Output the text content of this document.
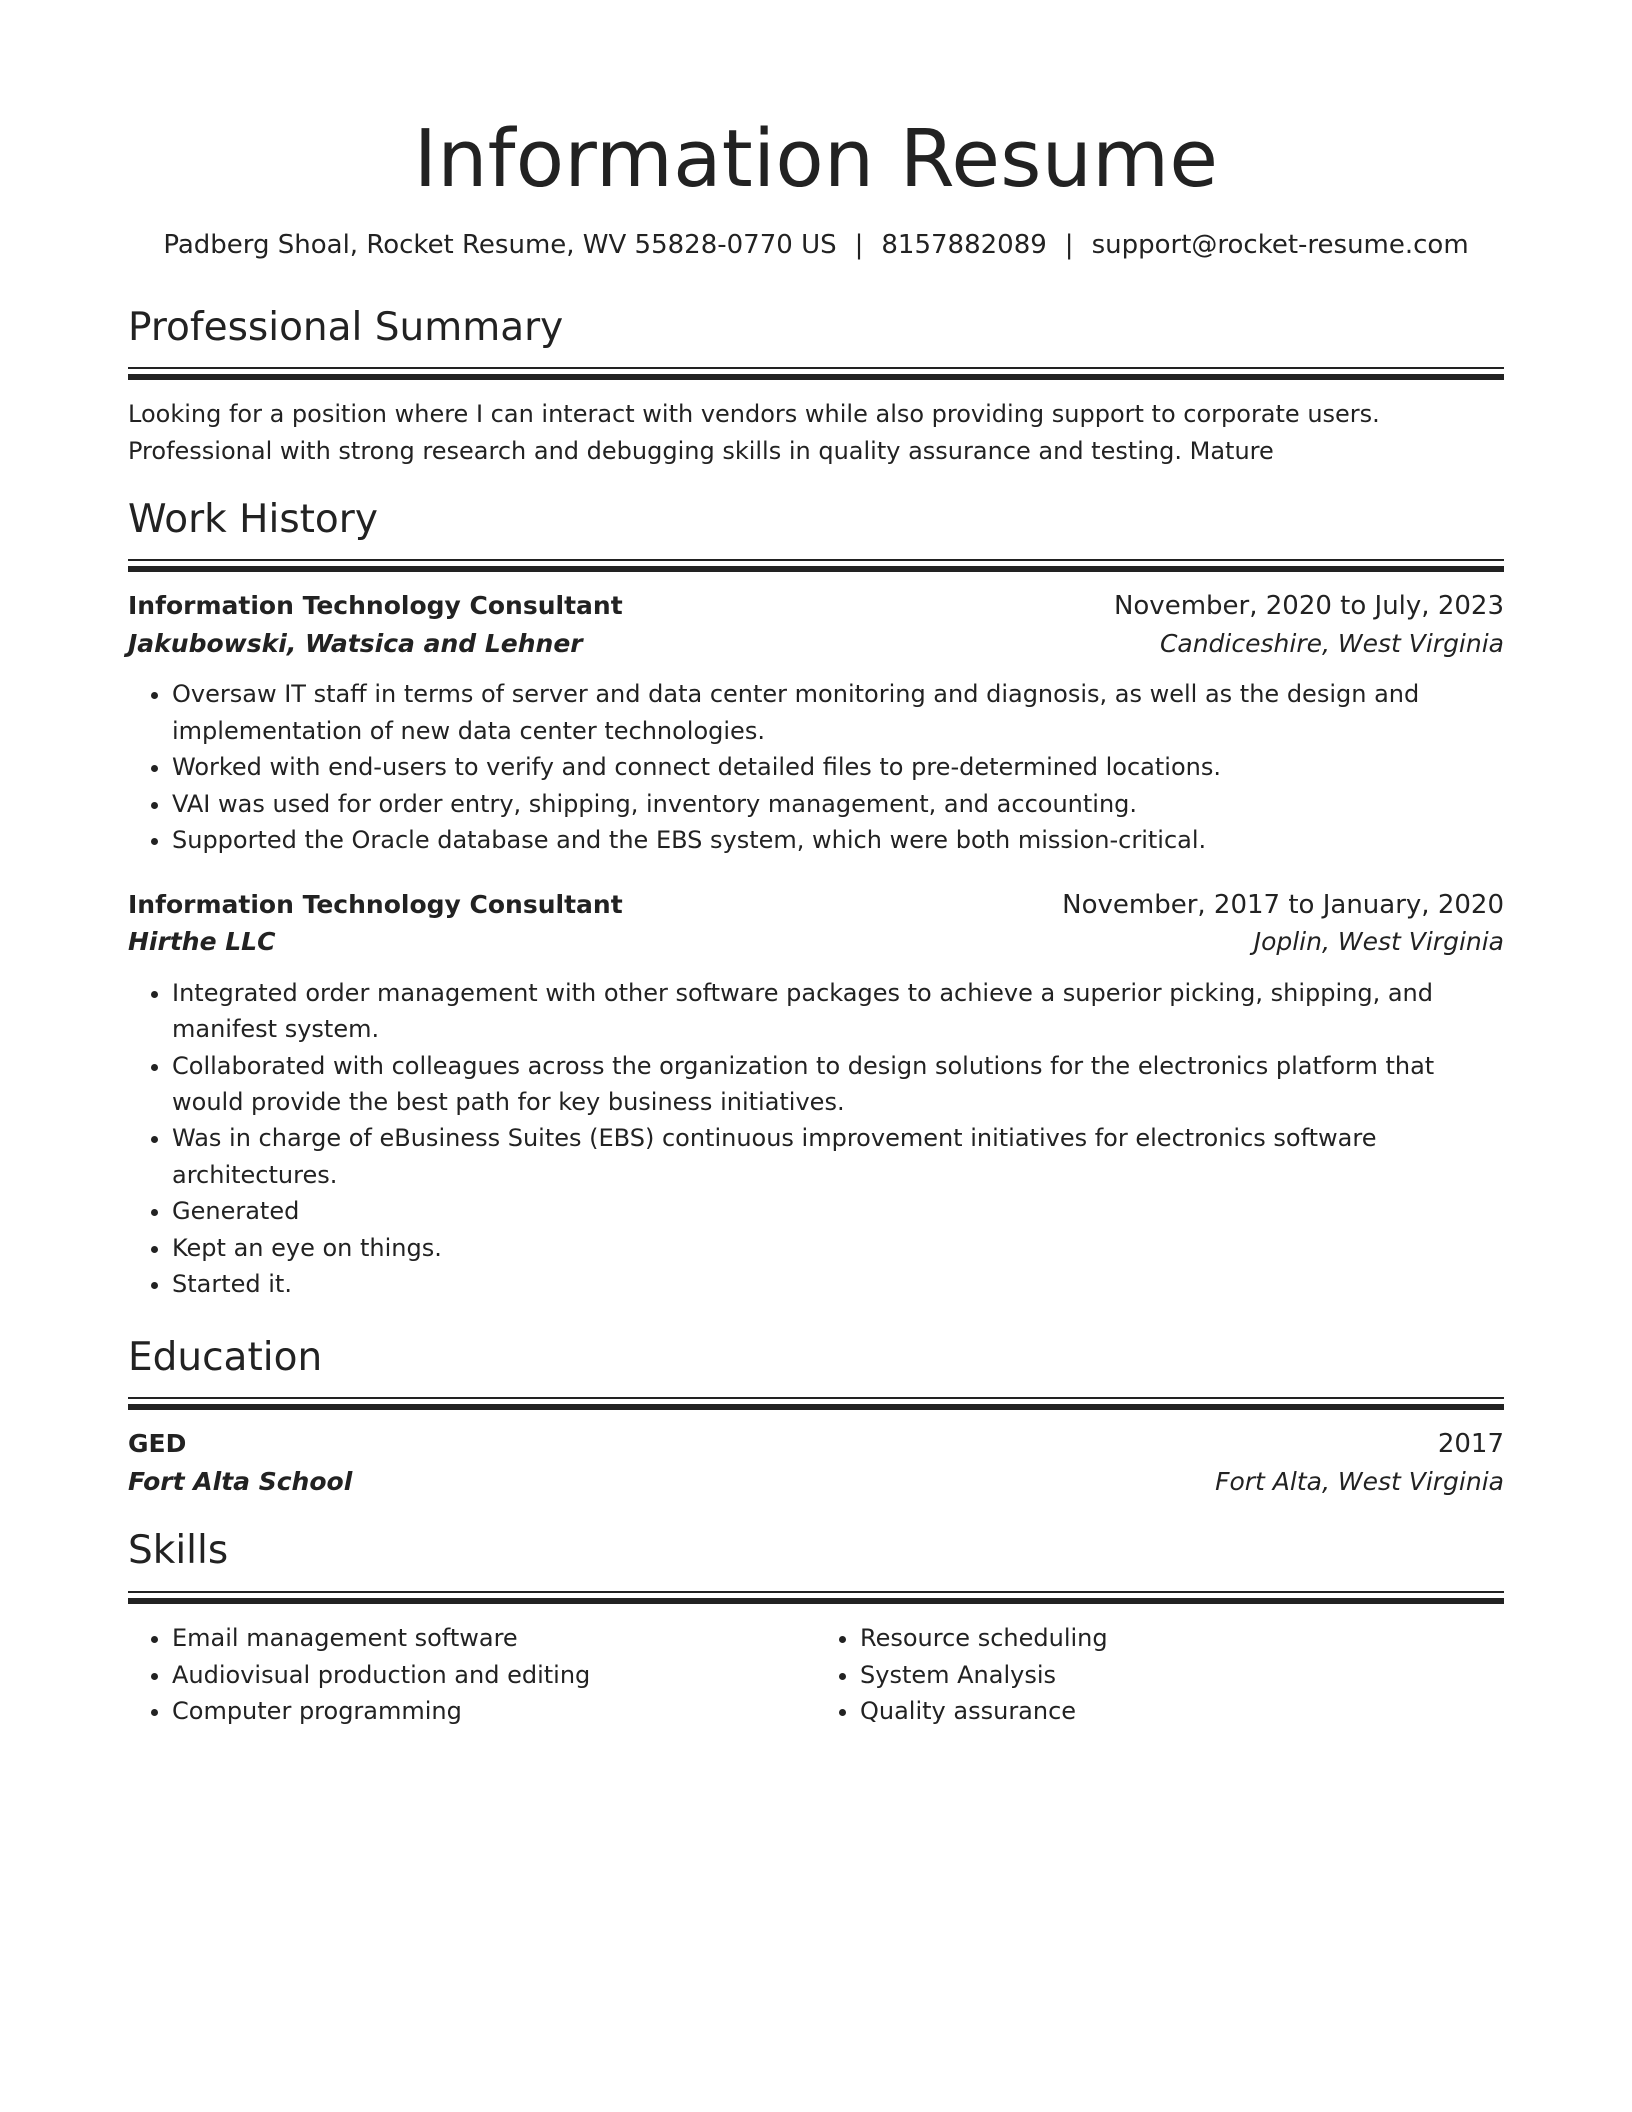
Information Resume
Padberg Shoal, Rocket Resume, WV 55828-0770 US | 8157882089 | support@rocket-resume.com
Professional Summary
Looking for a position where I can interact with vendors while also providing support to corporate users. Professional with strong research and debugging skills in quality assurance and testing. Mature
Work History
Information Technology Consultant	November, 2020 to July, 2023
Jakubowski, Watsica and Lehner	Candiceshire, West Virginia
• Oversaw IT staff in terms of server and data center monitoring and diagnosis, as well as the design and implementation of new data center technologies.
• Worked with end-users to verify and connect detailed files to pre-determined locations.
• VAI was used for order entry, shipping, inventory management, and accounting.
• Supported the Oracle database and the EBS system, which were both mission-critical.
Information Technology Consultant	November, 2017 to January, 2020
Hirthe LLC	Joplin, West Virginia
• Integrated order management with other software packages to achieve a superior picking, shipping, and manifest system.
• Collaborated with colleagues across the organization to design solutions for the electronics platform that would provide the best path for key business initiatives.
• Was in charge of eBusiness Suites (EBS) continuous improvement initiatives for electronics software architectures.
• Generated
• Kept an eye on things.
• Started it.
Education
GED	2017
Fort Alta School	Fort Alta, West Virginia
Skills
• Email management software
• Audiovisual production and editing
• Computer programming
• Resource scheduling
• System Analysis
• Quality assurance
